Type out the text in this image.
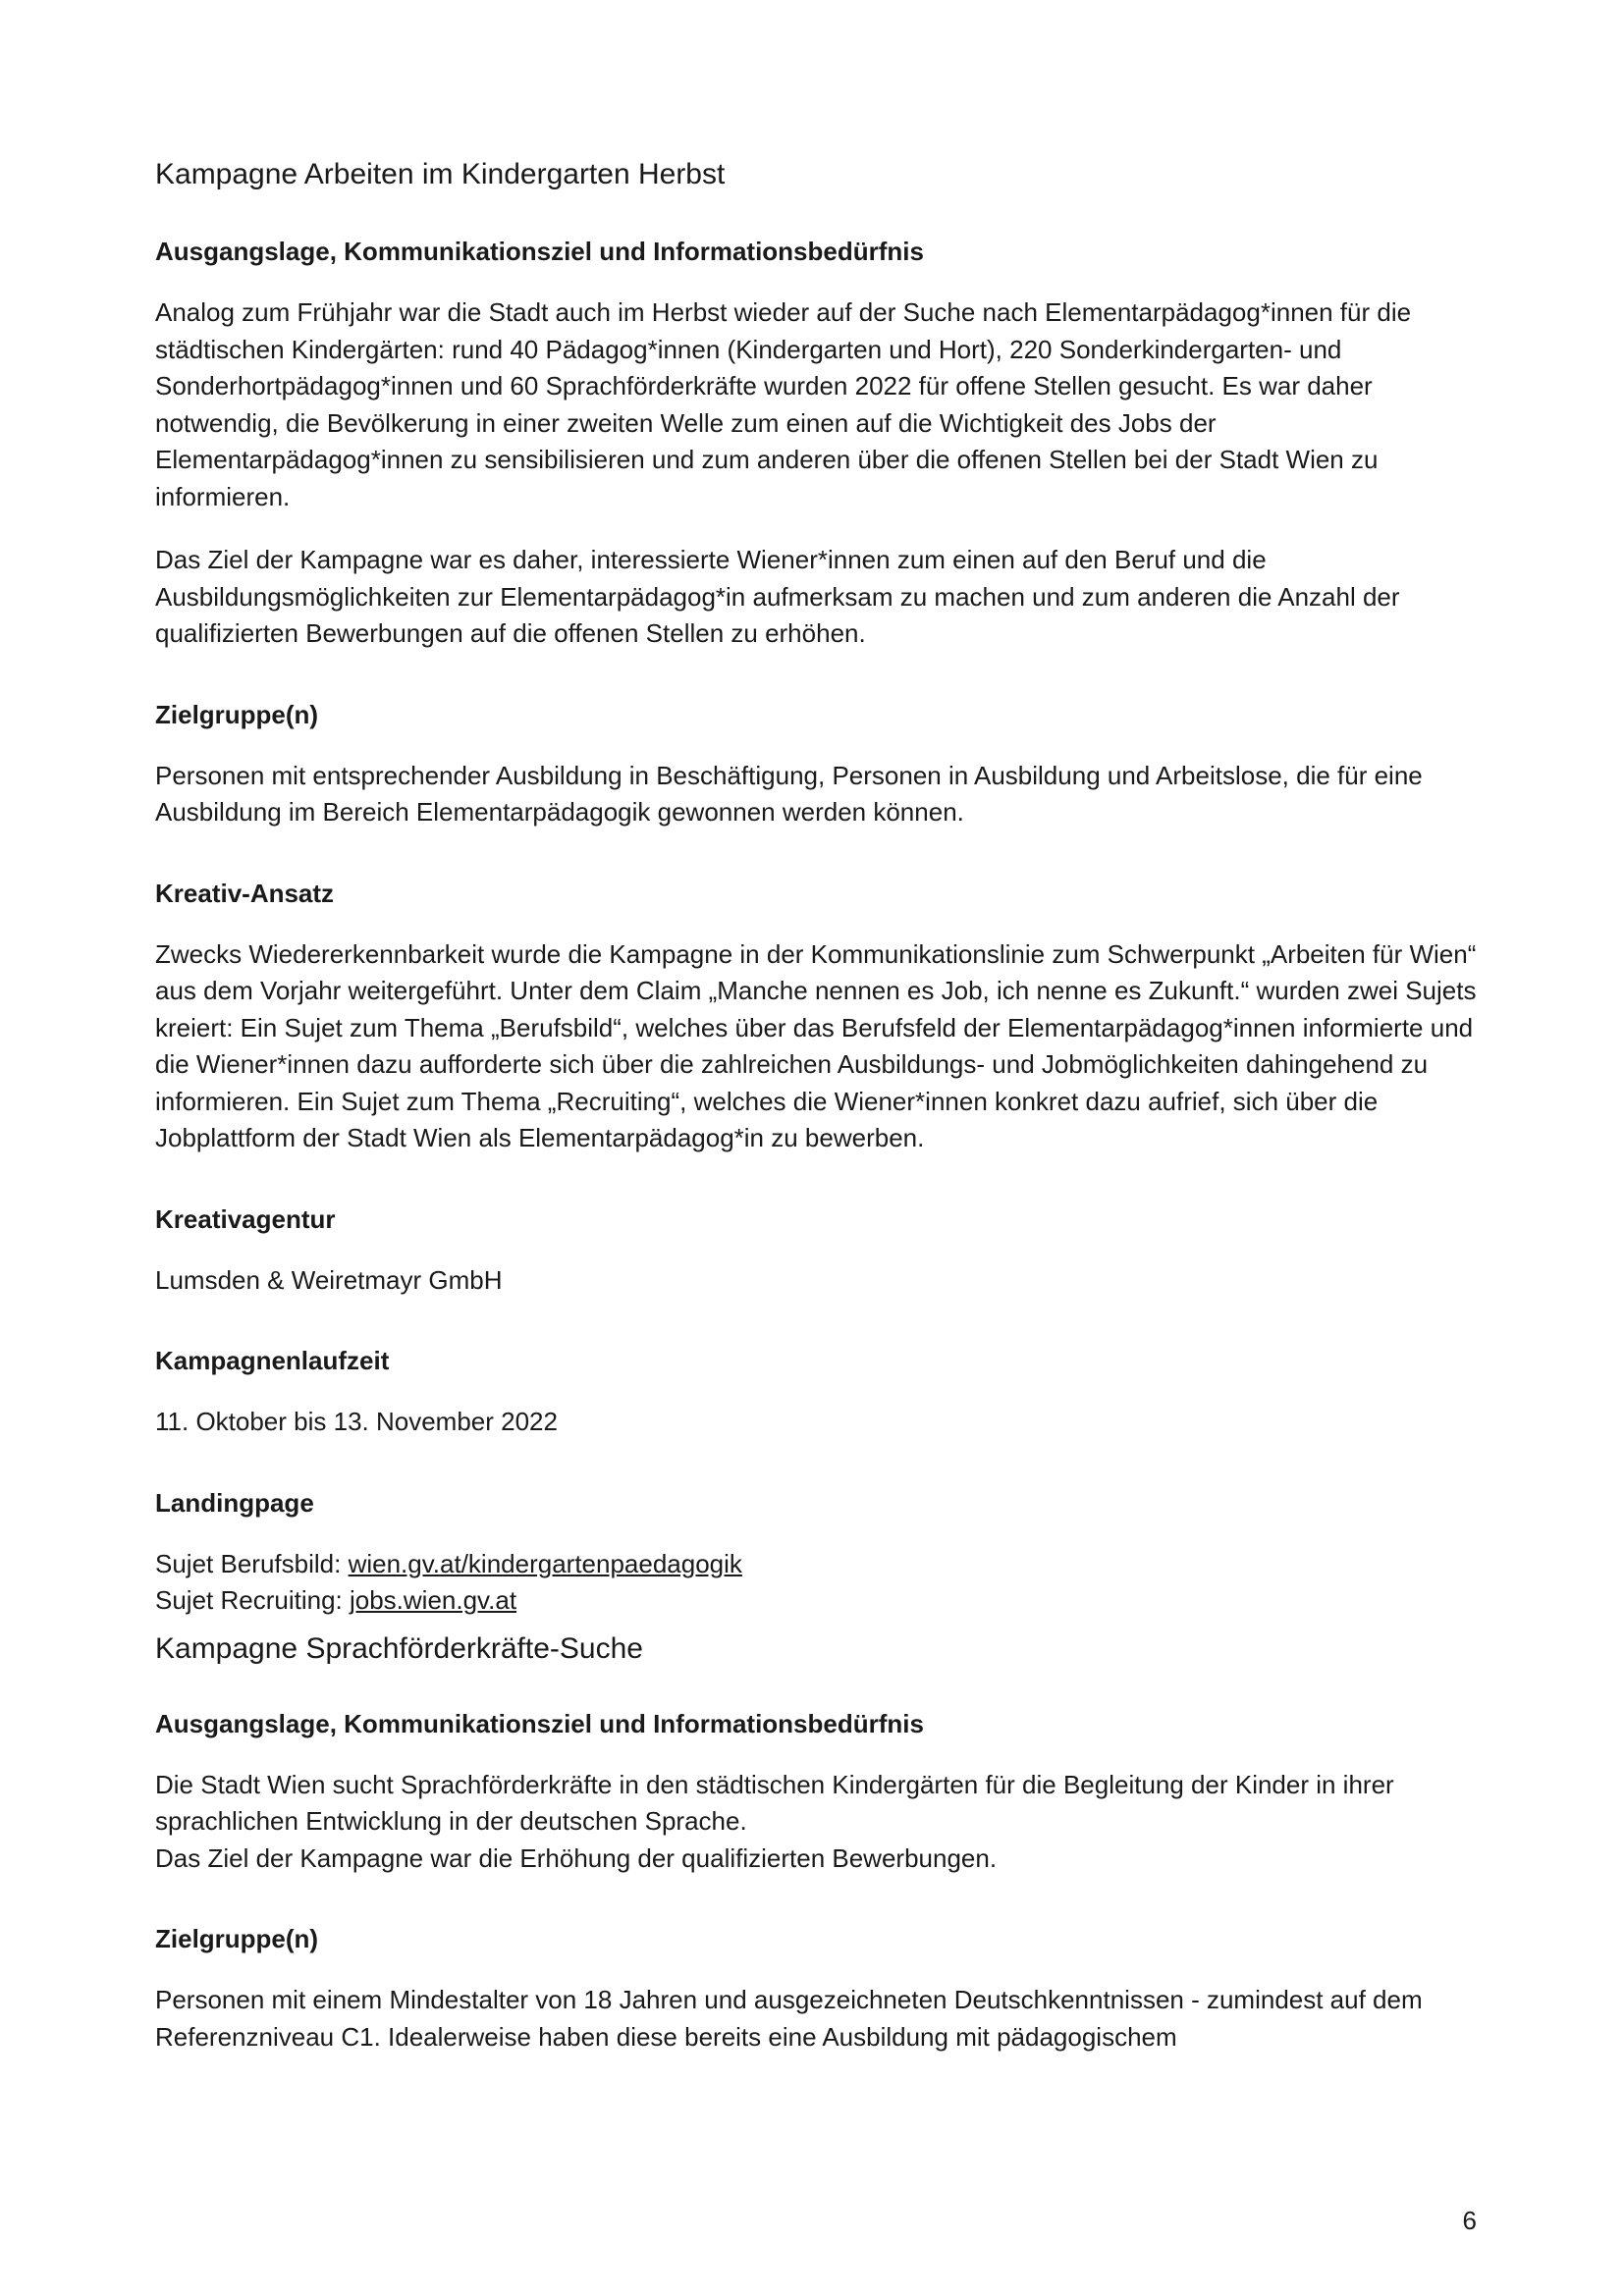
Kampagne Arbeiten im Kindergarten Herbst
Ausgangslage, Kommunikationsziel und Informationsbedürfnis

Analog zum Frühjahr war die Stadt auch im Herbst wieder auf der Suche nach Elementarpädagog*innen für die städtischen Kindergärten: rund 40 Pädagog*innen (Kindergarten und Hort), 220 Sonderkindergarten- und Sonderhortpädagog*innen und 60 Sprachförderkräfte wurden 2022 für offene Stellen gesucht. Es war daher notwendig, die Bevölkerung in einer zweiten Welle zum einen auf die Wichtigkeit des Jobs der Elementarpädagog*innen zu sensibilisieren und zum anderen über die offenen Stellen bei der Stadt Wien zu informieren.

Das Ziel der Kampagne war es daher, interessierte Wiener*innen zum einen auf den Beruf und die Ausbildungsmöglichkeiten zur Elementarpädagog*in aufmerksam zu machen und zum anderen die Anzahl der qualifizierten Bewerbungen auf die offenen Stellen zu erhöhen.

Zielgruppe(n)

Personen mit entsprechender Ausbildung in Beschäftigung, Personen in Ausbildung und Arbeitslose, die für eine Ausbildung im Bereich Elementarpädagogik gewonnen werden können.

Kreativ-Ansatz

Zwecks Wiedererkennbarkeit wurde die Kampagne in der Kommunikationslinie zum Schwerpunkt „Arbeiten für Wien“ aus dem Vorjahr weitergeführt. Unter dem Claim „Manche nennen es Job, ich nenne es Zukunft.“ wurden zwei Sujets kreiert: Ein Sujet zum Thema „Berufsbild“, welches über das Berufsfeld der Elementarpädagog*innen informierte und die Wiener*innen dazu aufforderte sich über die zahlreichen Ausbildungs- und Jobmöglichkeiten dahingehend zu informieren. Ein Sujet zum Thema „Recruiting“, welches die Wiener*innen konkret dazu aufrief, sich über die Jobplattform der Stadt Wien als Elementarpädagog*in zu bewerben.

Kreativagentur

Lumsden & Weiretmayr GmbH

Kampagnenlaufzeit

11. Oktober bis 13. November 2022

Landingpage

Sujet Berufsbild: wien.gv.at/kindergartenpaedagogik

Sujet Recruiting: jobs.wien.gv.at

Kampagne Sprachförderkräfte-Suche
Ausgangslage, Kommunikationsziel und Informationsbedürfnis

Die Stadt Wien sucht Sprachförderkräfte in den städtischen Kindergärten für die Begleitung der Kinder in ihrer sprachlichen Entwicklung in der deutschen Sprache.

Das Ziel der Kampagne war die Erhöhung der qualifizierten Bewerbungen.

Zielgruppe(n)

Personen mit einem Mindestalter von 18 Jahren und ausgezeichneten Deutschkenntnissen - zumindest auf dem Referenzniveau C1. Idealerweise haben diese bereits eine Ausbildung mit pädagogischem

6
